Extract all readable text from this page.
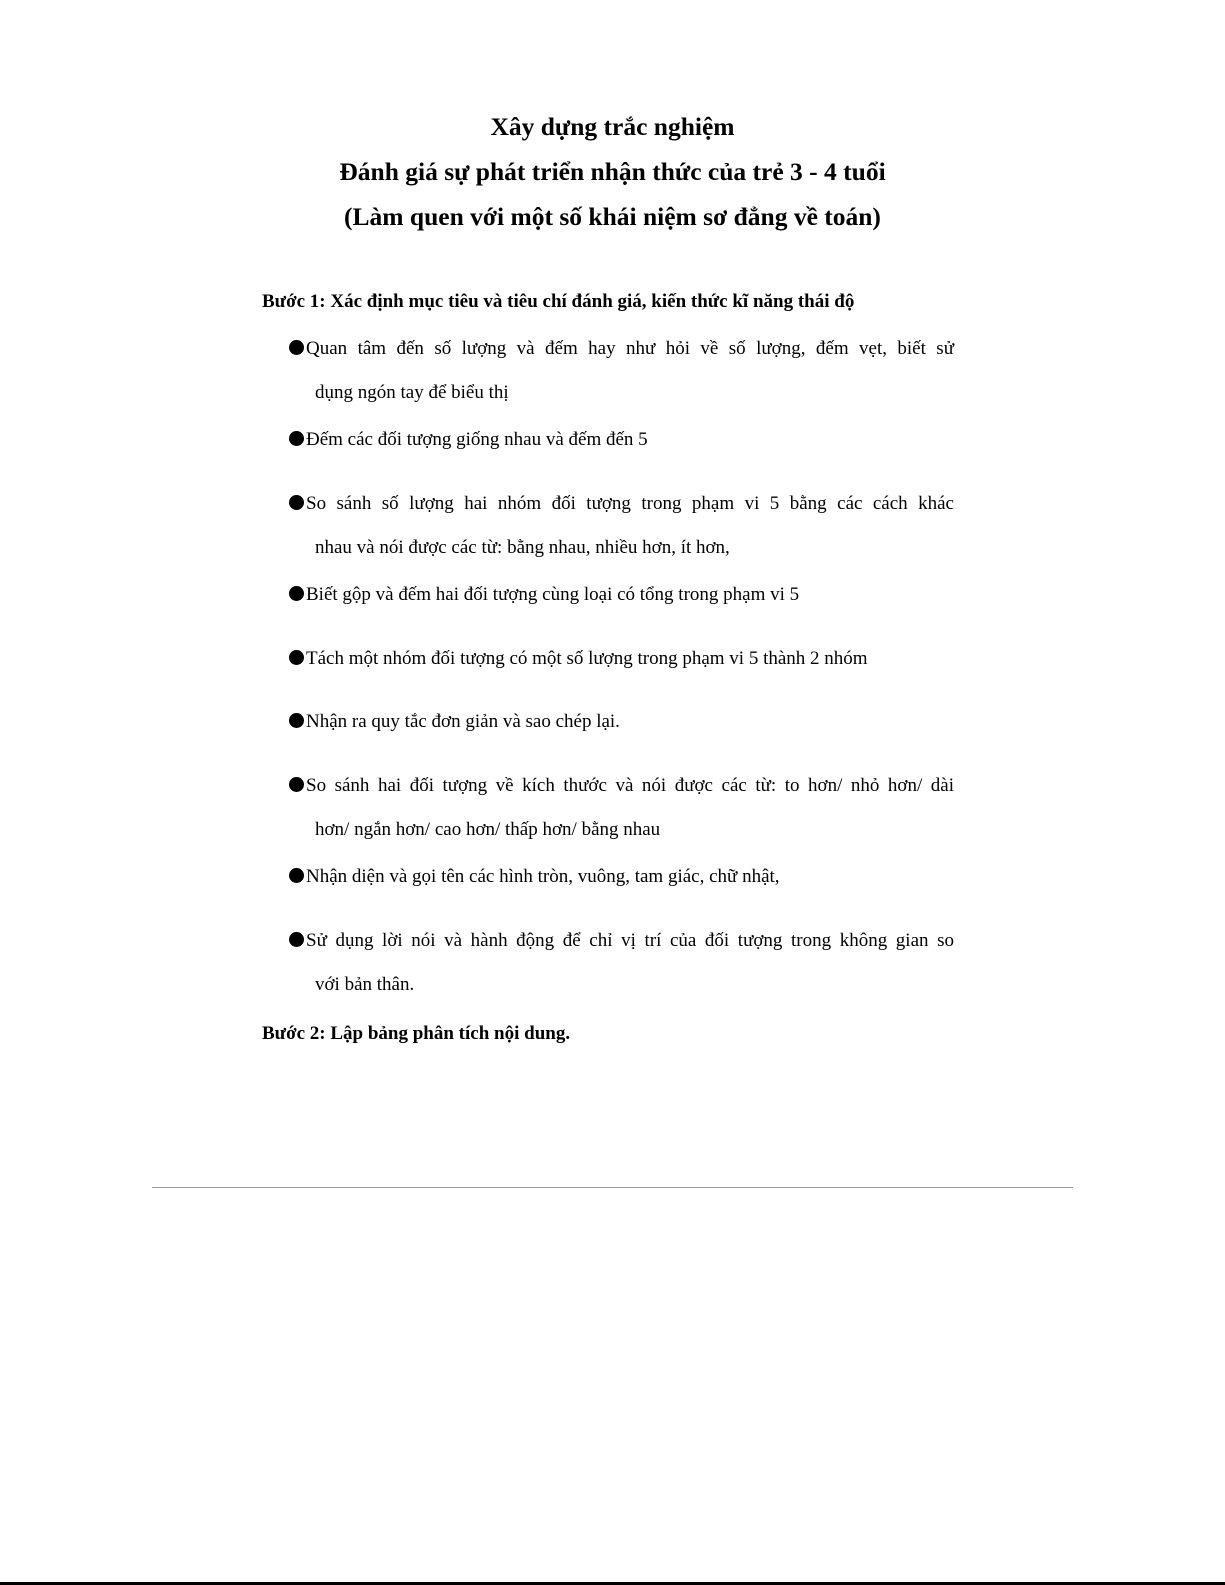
Xây dựng trắc nghiệm

Đánh giá sự phát triển nhận thức của trẻ 3 - 4 tuổi

(Làm quen với một số khái niệm sơ đẳng về toán)

Bước 1: Xác định mục tiêu và tiêu chí đánh giá, kiến thức kĩ năng thái độ

Quan tâm đến số lượng và đếm hay như hỏi về số lượng, đếm vẹt, biết sử
dụng ngón tay để biểu thị
Đếm các đối tượng giống nhau và đếm đến 5
So sánh số lượng hai nhóm đối tượng trong phạm vi 5 bằng các cách khác
nhau và nói được các từ: bằng nhau, nhiều hơn, ít hơn,
Biết gộp và đếm hai đối tượng cùng loại có tổng trong phạm vi 5
Tách một nhóm đối tượng có một số lượng trong phạm vi 5 thành 2 nhóm
Nhận ra quy tắc đơn giản và sao chép lại.
So sánh hai đối tượng về kích thước và nói được các từ: to hơn/ nhỏ hơn/ dài
hơn/ ngắn hơn/ cao hơn/ thấp hơn/ bằng nhau
Nhận diện và gọi tên các hình tròn, vuông, tam giác, chữ nhật,
Sử dụng lời nói và hành động để chỉ vị trí của đối tượng trong không gian so
với bản thân.

Bước 2: Lập bảng phân tích nội dung.
